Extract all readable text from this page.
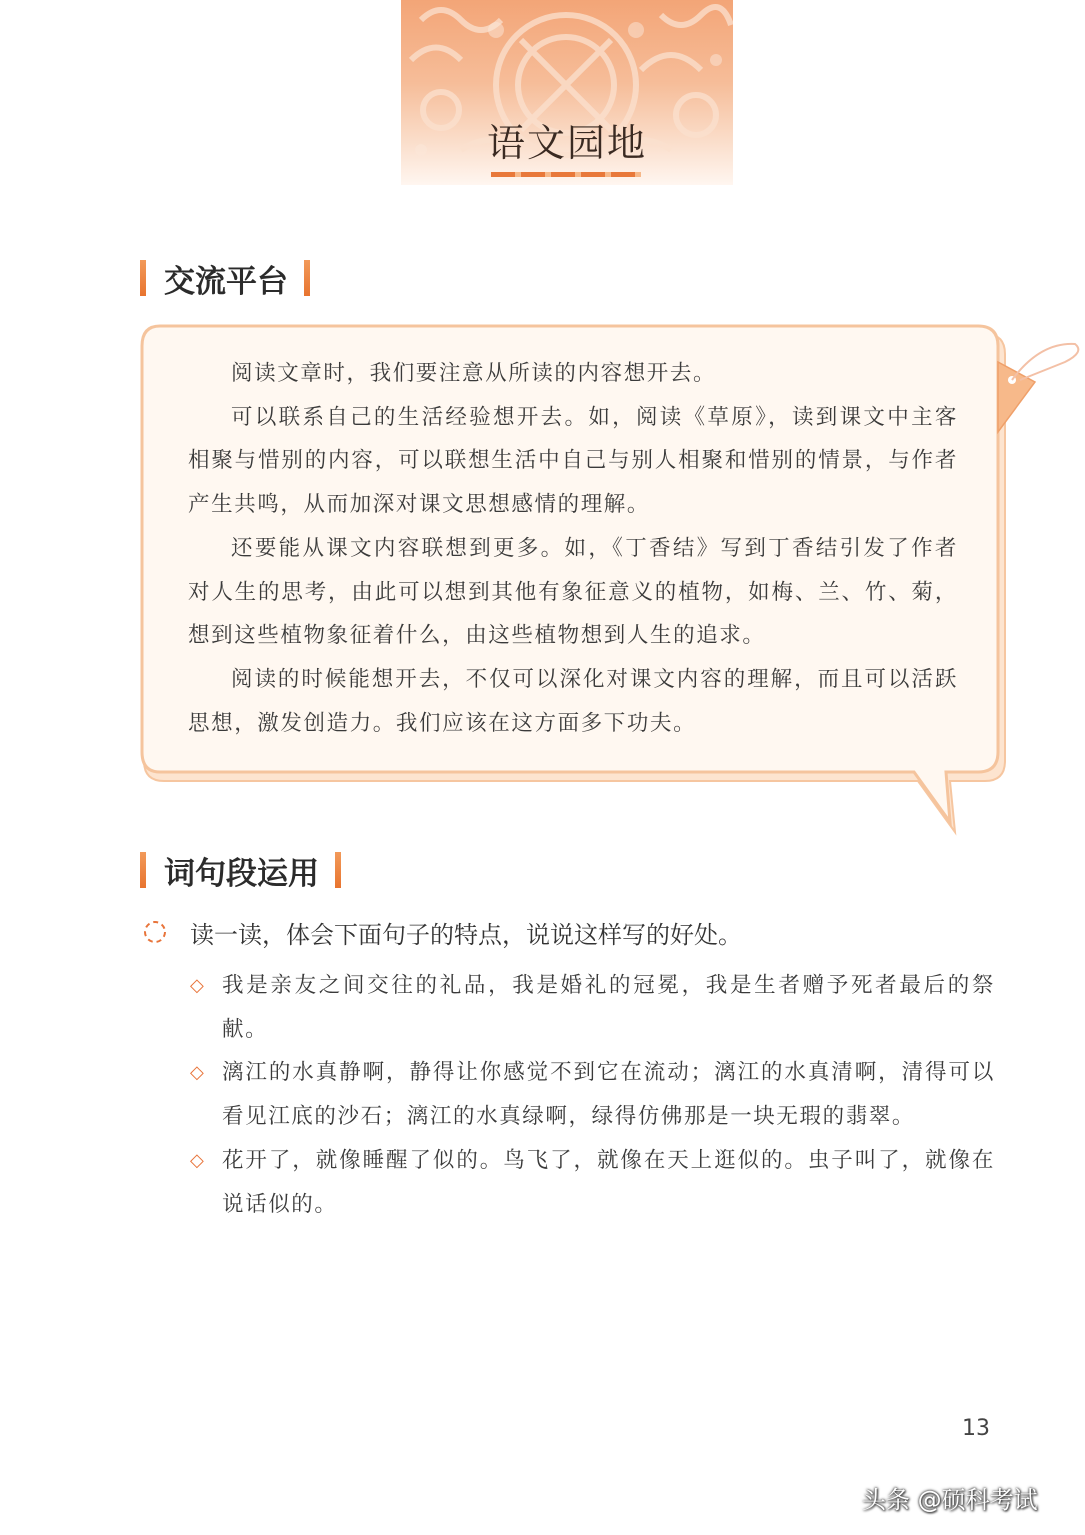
语文园地
交流平台

阅读文章时，我们要注意从所读的内容想开去。

可以联系自己的生活经验想开去。如，阅读《草原》，读到课文中主客相聚与惜别的内容，可以联想生活中自己与别人相聚和惜别的情景，与作者产生共鸣，从而加深对课文思想感情的理解。

还要能从课文内容联想到更多。如，《丁香结》写到丁香结引发了作者对人生的思考，由此可以想到其他有象征意义的植物，如梅、兰、竹、菊，想到这些植物象征着什么，由这些植物想到人生的追求。

阅读的时候能想开去，不仅可以深化对课文内容的理解，而且可以活跃思想，激发创造力。我们应该在这方面多下功夫。

词句段运用
读一读，体会下面句子的特点，说说这样写的好处。
◇ 我是亲友之间交往的礼品，我是婚礼的冠冕，我是生者赠予死者最后的祭献。
◇ 漓江的水真静啊，静得让你感觉不到它在流动；漓江的水真清啊，清得可以看见江底的沙石；漓江的水真绿啊，绿得仿佛那是一块无瑕的翡翠。
◇ 花开了，就像睡醒了似的。鸟飞了，就像在天上逛似的。虫子叫了，就像在说话似的。
13
头条 @硕科考试
